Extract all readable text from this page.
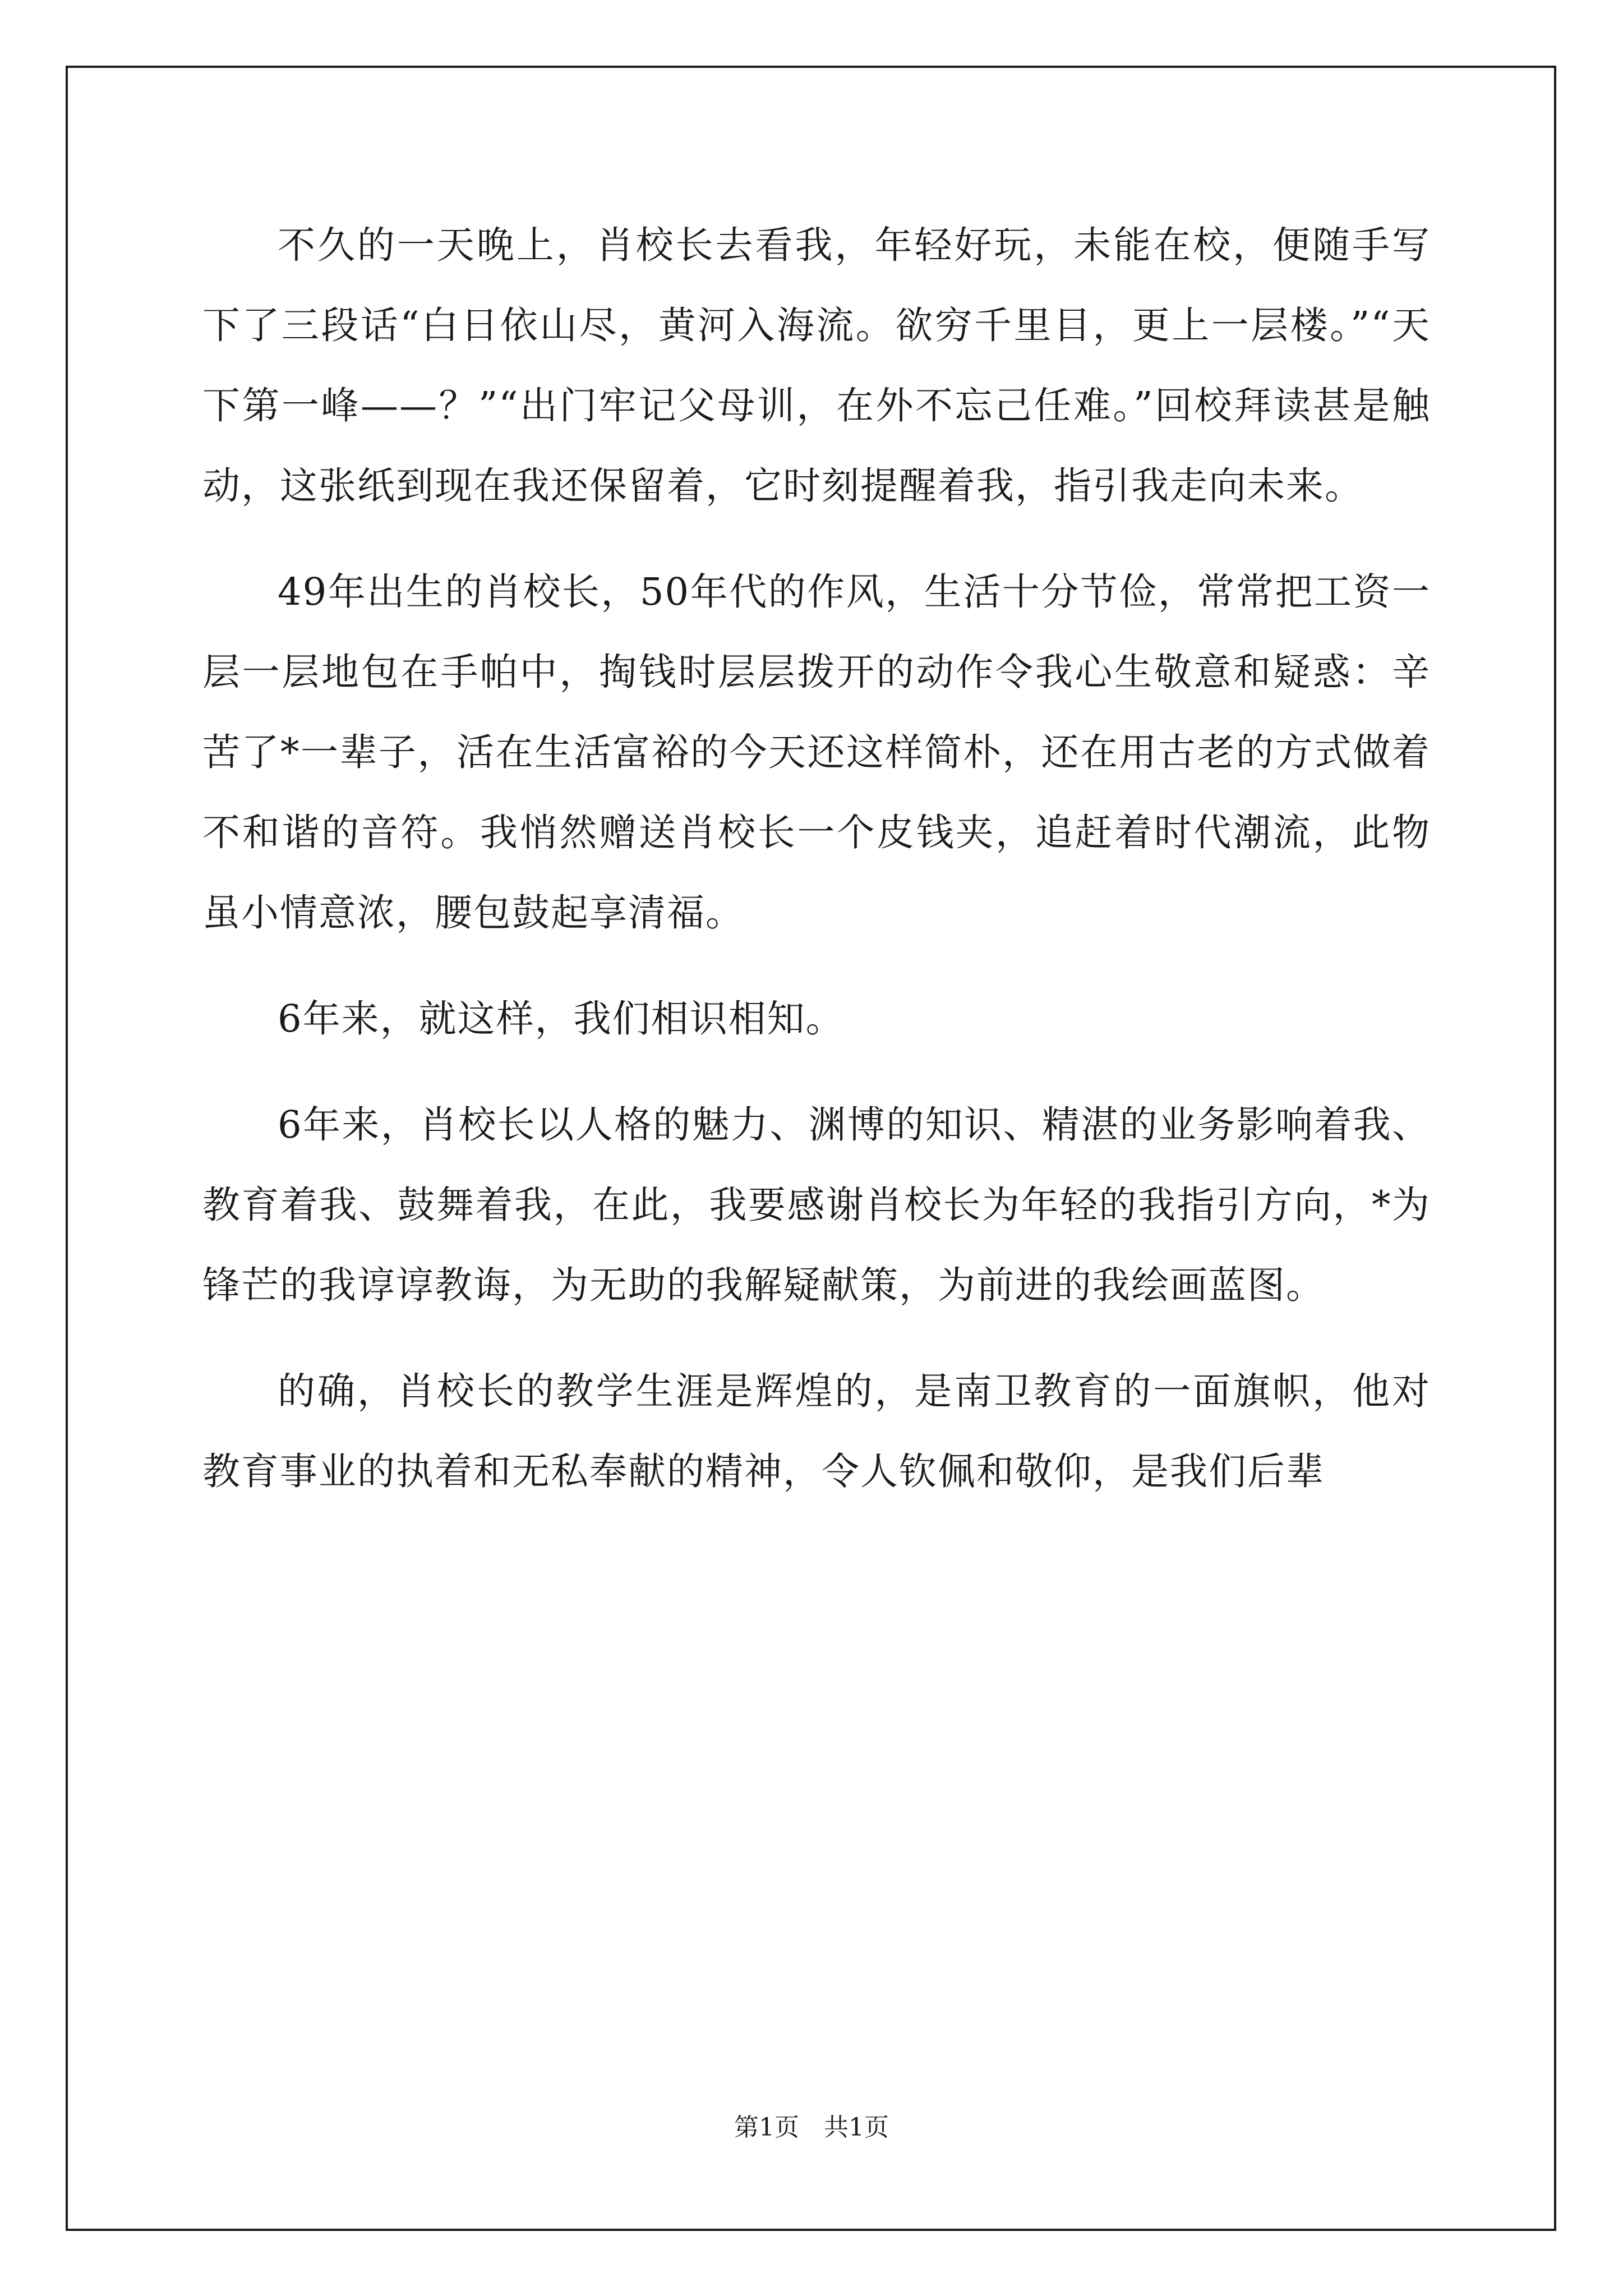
不久的一天晚上，肖校长去看我，年轻好玩，未能在校，便随手写下了三段话“白日依山尽，黄河入海流。欲穷千里目，更上一层楼。”“天下第一峰——？”“出门牢记父母训，在外不忘己任难。”回校拜读甚是触动，这张纸到现在我还保留着，它时刻提醒着我，指引我走向未来。

49年出生的肖校长，50年代的作风，生活十分节俭，常常把工资一层一层地包在手帕中，掏钱时层层拨开的动作令我心生敬意和疑惑：辛苦了*一辈子，活在生活富裕的今天还这样简朴，还在用古老的方式做着不和谐的音符。我悄然赠送肖校长一个皮钱夹，追赶着时代潮流，此物虽小情意浓，腰包鼓起享清福。

6年来，就这样，我们相识相知。

6年来，肖校长以人格的魅力、渊博的知识、精湛的业务影响着我、教育着我、鼓舞着我，在此，我要感谢肖校长为年轻的我指引方向，*为锋芒的我谆谆教诲，为无助的我解疑献策，为前进的我绘画蓝图。

的确，肖校长的教学生涯是辉煌的，是南卫教育的一面旗帜，他对教育事业的执着和无私奉献的精神，令人钦佩和敬仰，是我们后辈

第1页　共1页
